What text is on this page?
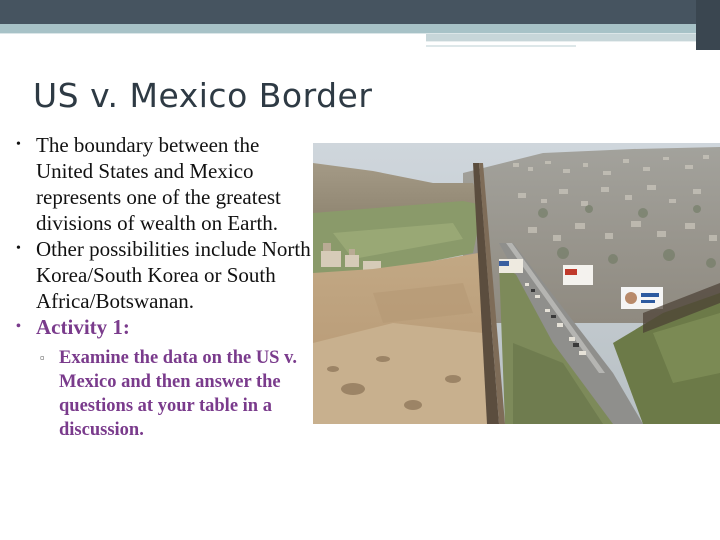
US v. Mexico Border
• The boundary between the United States and Mexico represents one of the greatest divisions of wealth on Earth.
• Other possibilities include North Korea/South Korea or South Africa/Botswanan.
• Activity 1:
▫ Examine the data on the US v. Mexico and then answer the questions at your table in a discussion.
